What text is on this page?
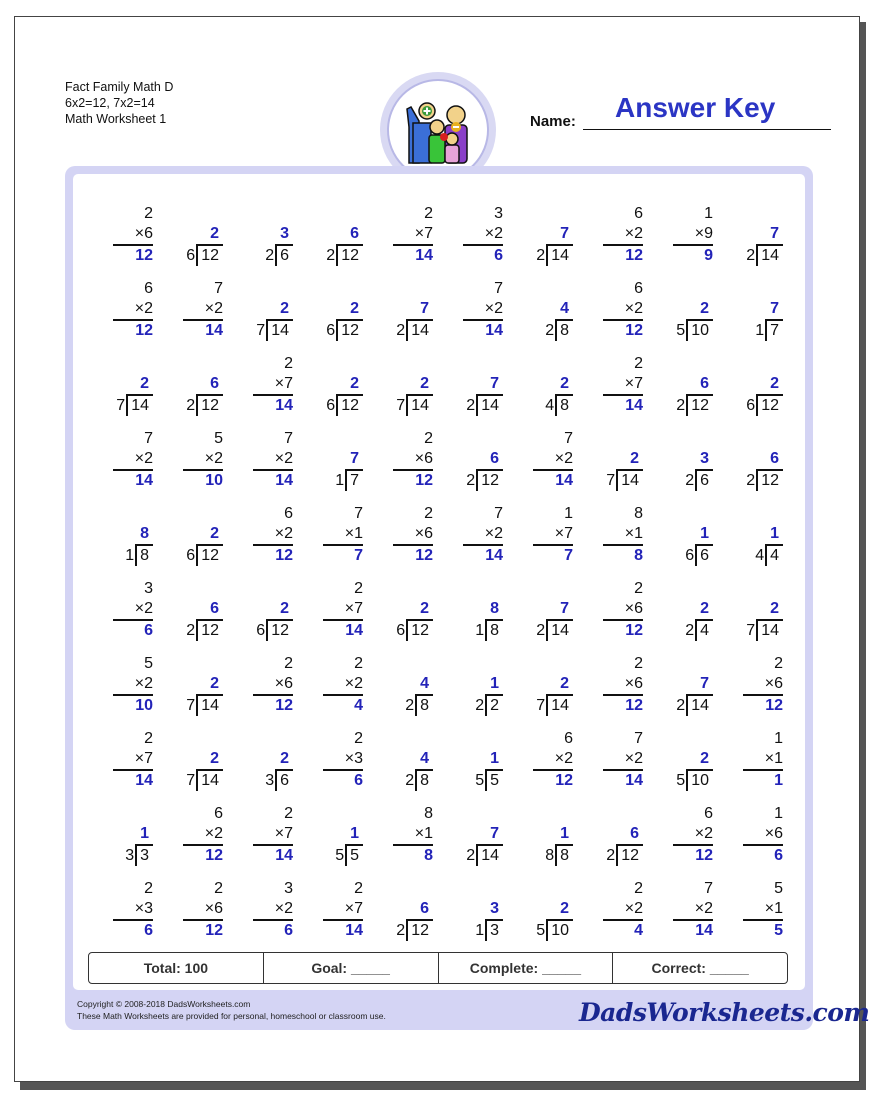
Fact Family Math D
6x2=12, 7x2=14
Math Worksheet 1	Name: Answer Key
2
×6
12
2
6 12
3
2 6
6
2 12
2
×7
14
3
×2
6
7
2 14
6
×2
12
1
×9
9
7
2 14
6
×2
12
7
×2
14
2
7 14
2
6 12
7
2 14
7
×2
14
4
2 8
6
×2
12
2
5 10
7
1 7
2
7 14
6
2 12
2
×7
14
2
6 12
2
7 14
7
2 14
2
4 8
2
×7
14
6
2 12
2
6 12
7
×2
14
5
×2
10
7
×2
14
7
1 7
2
×6
12
6
2 12
7
×2
14
2
7 14
3
2 6
6
2 12
8
1 8
2
6 12
6
×2
12
7
×1
7
2
×6
12
7
×2
14
1
×7
7
8
×1
8
1
6 6
1
4 4
3
×2
6
6
2 12
2
6 12
2
×7
14
2
6 12
8
1 8
7
2 14
2
×6
12
2
2 4
2
7 14
5
×2
10
2
7 14
2
×6
12
2
×2
4
4
2 8
1
2 2
2
7 14
2
×6
12
7
2 14
2
×6
12
2
×7
14
2
7 14
2
3 6
2
×3
6
4
2 8
1
5 5
6
×2
12
7
×2
14
2
5 10
1
×1
1
1
3 3
6
×2
12
2
×7
14
1
5 5
8
×1
8
7
2 14
1
8 8
6
2 12
6
×2
12
1
×6
6
2
×3
6
2
×6
12
3
×2
6
2
×7
14
6
2 12
3
1 3
2
5 10
2
×2
4
7
×2
14
5
×1
5
Total: 100	Goal: _____	Complete: _____	Correct: _____
Copyright © 2008-2018 DadsWorksheets.com
These Math Worksheets are provided for personal, homeschool or classroom use.	DadsWorksheets.com
